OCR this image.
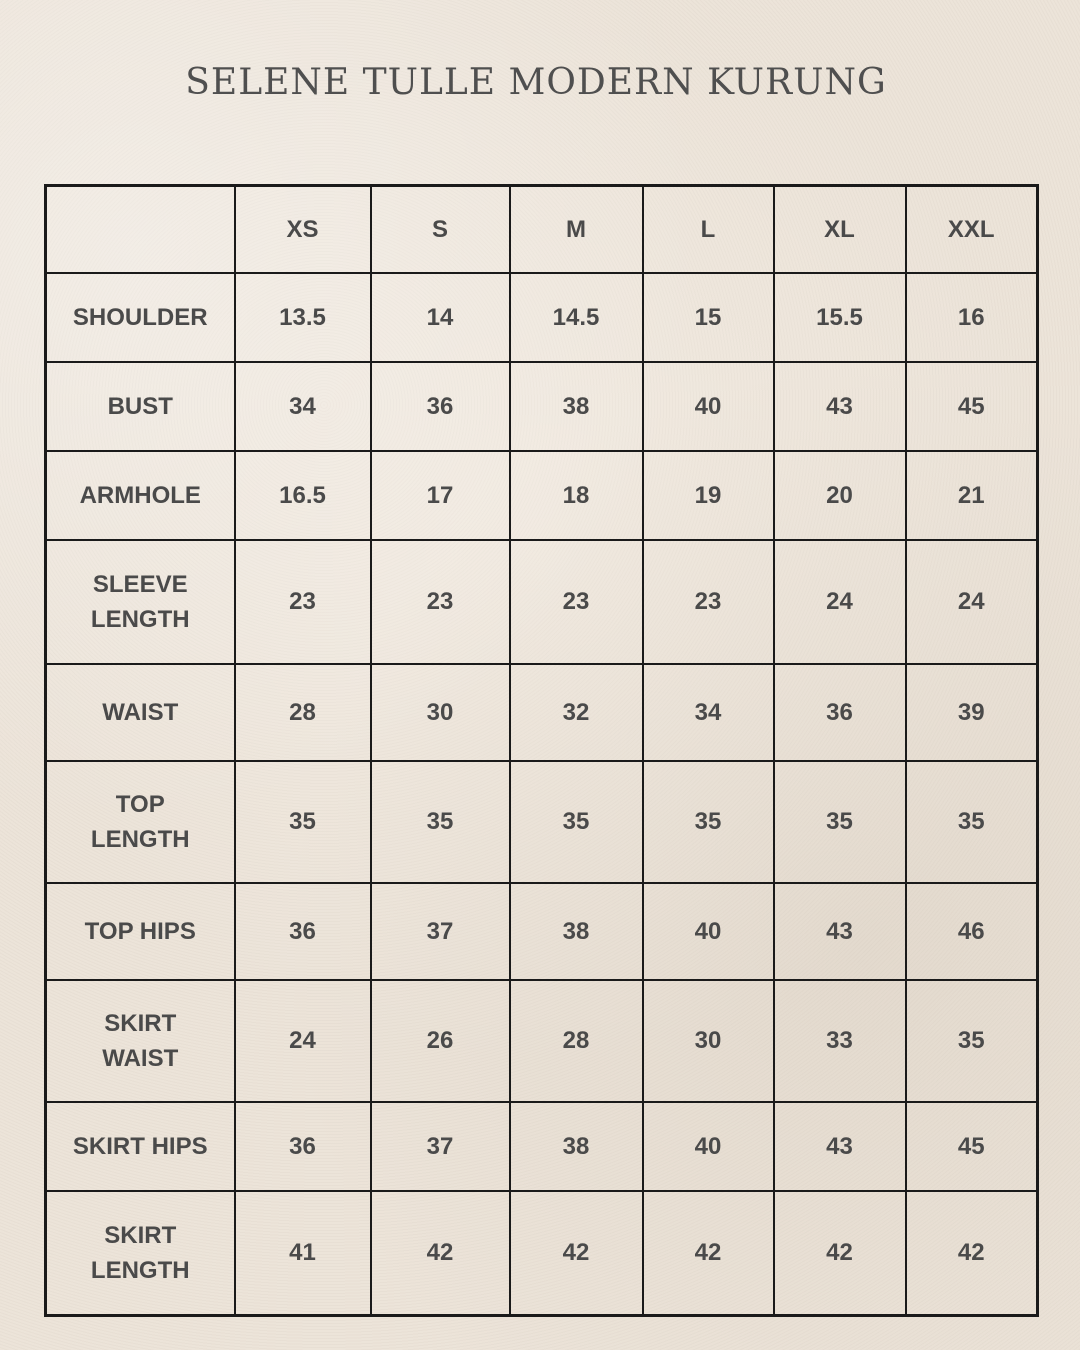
SELENE TULLE MODERN KURUNG
	XS	S	M	L	XL	XXL

SHOULDER	13.5	14	14.5	15	15.5	16

BUST	34	36	38	40	43	45

ARMHOLE	16.5	17	18	19	20	21

SLEEVE
LENGTH	23	23	23	23	24	24

WAIST	28	30	32	34	36	39

TOP
LENGTH	35	35	35	35	35	35

TOP HIPS	36	37	38	40	43	46

SKIRT
WAIST	24	26	28	30	33	35

SKIRT HIPS	36	37	38	40	43	45

SKIRT
LENGTH	41	42	42	42	42	42
